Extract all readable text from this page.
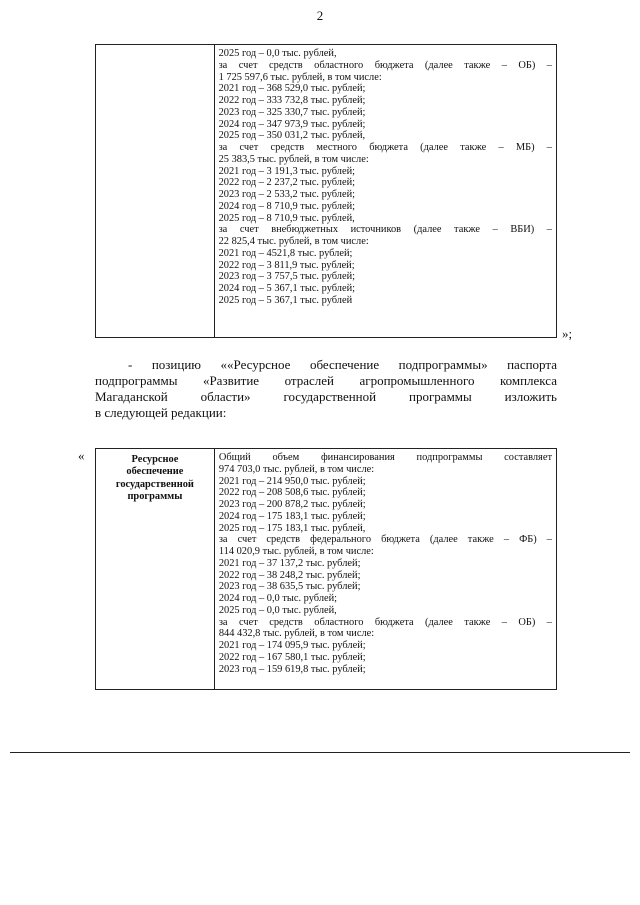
2

2025 год – 0,0 тыс. рублей,
за счет средств областного бюджета (далее также – ОБ) –
1 725 597,6 тыс. рублей, в том числе:
2021 год – 368 529,0 тыс. рублей;
2022 год – 333 732,8 тыс. рублей;
2023 год – 325 330,7 тыс. рублей;
2024 год – 347 973,9 тыс. рублей;
2025 год – 350 031,2 тыс. рублей,
за счет средств местного бюджета (далее также – МБ) –
25 383,5 тыс. рублей, в том числе:
2021 год – 3 191,3 тыс. рублей;
2022 год – 2 237,2 тыс. рублей;
2023 год – 2 533,2 тыс. рублей;
2024 год – 8 710,9 тыс. рублей;
2025 год – 8 710,9 тыс. рублей,
за счет внебюджетных источников (далее также – ВБИ) –
22 825,4 тыс. рублей, в том числе:
2021 год – 4521,8 тыс. рублей;
2022 год – 3 811,9 тыс. рублей;
2023 год – 3 757,5 тыс. рублей;
2024 год – 5 367,1 тыс. рублей;
2025 год – 5 367,1 тыс. рублей
»;
- позицию ««Ресурсное обеспечение подпрограммы» паспорта
подпрограммы «Развитие отраслей агропромышленного комплекса
Магаданской области» государственной программы изложить
в следующей редакции:
«	Ресурсное
обеспечение
государственной
программы

Общий объем финансирования подпрограммы составляет
974 703,0 тыс. рублей, в том числе:
2021 год – 214 950,0 тыс. рублей;
2022 год – 208 508,6 тыс. рублей;
2023 год – 200 878,2 тыс. рублей;
2024 год – 175 183,1 тыс. рублей;
2025 год – 175 183,1 тыс. рублей,
за счет средств федерального бюджета (далее также – ФБ) –
114 020,9 тыс. рублей, в том числе:
2021 год – 37 137,2 тыс. рублей;
2022 год – 38 248,2 тыс. рублей;
2023 год – 38 635,5 тыс. рублей;
2024 год – 0,0 тыс. рублей;
2025 год – 0,0 тыс. рублей,
за счет средств областного бюджета (далее также – ОБ) –
844 432,8 тыс. рублей, в том числе:
2021 год – 174 095,9 тыс. рублей;
2022 год – 167 580,1 тыс. рублей;
2023 год – 159 619,8 тыс. рублей;
